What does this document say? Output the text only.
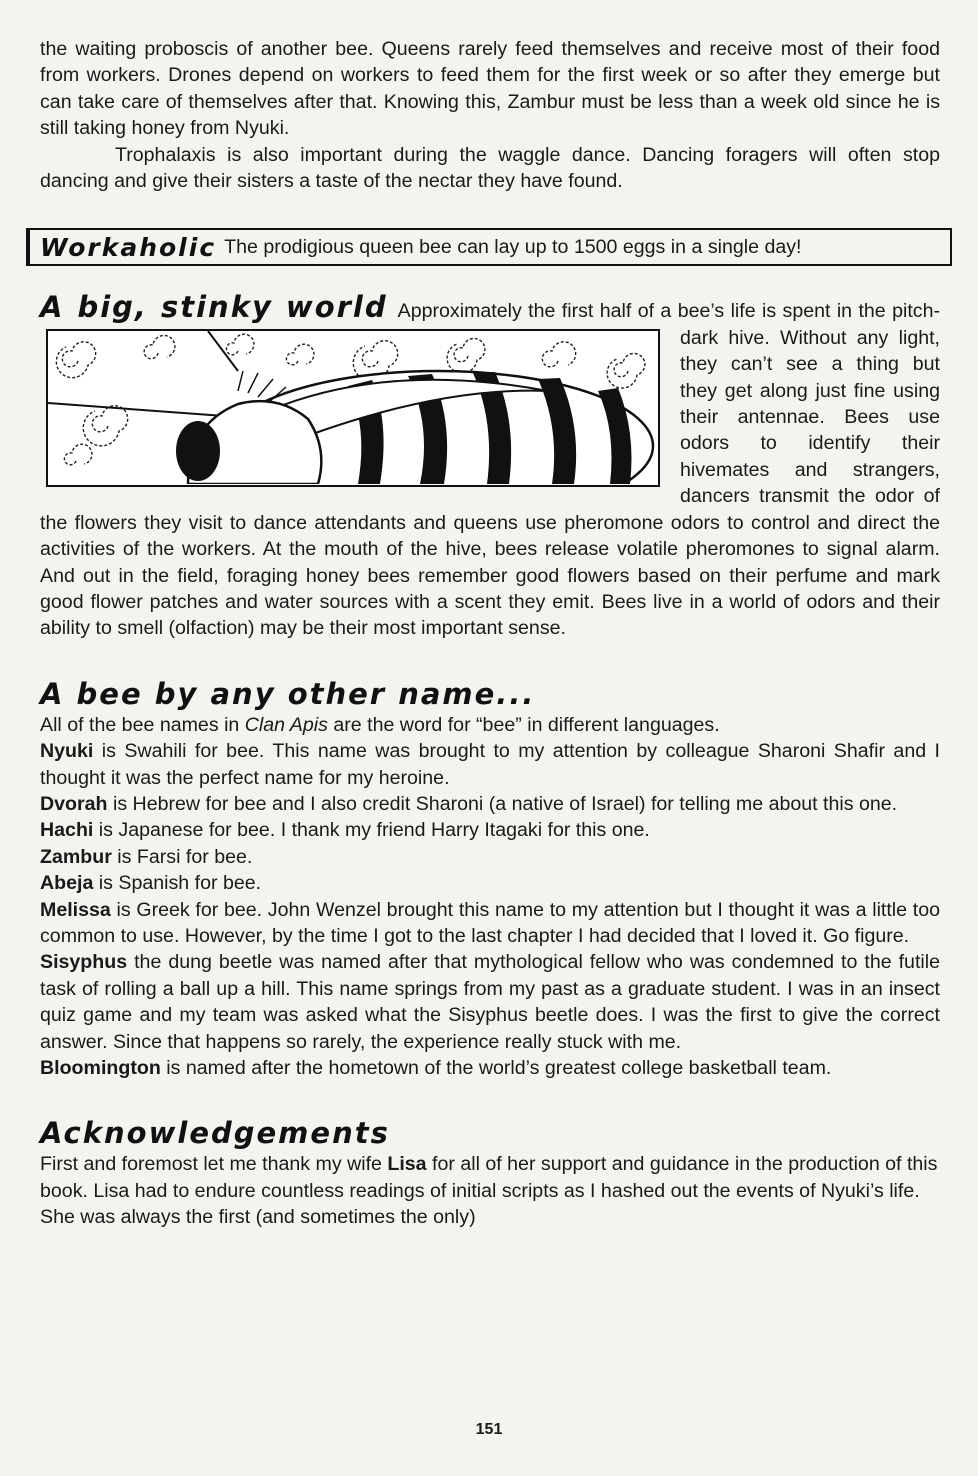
the waiting proboscis of another bee. Queens rarely feed themselves and receive most of their food from workers. Drones depend on workers to feed them for the first week or so after they emerge but can take care of themselves after that. Knowing this, Zambur must be less than a week old since he is still taking honey from Nyuki.

Trophalaxis is also important during the waggle dance. Dancing foragers will often stop dancing and give their sisters a taste of the nectar they have found.

Workaholic The prodigious queen bee can lay up to 1500 eggs in a single day!

A big, stinky world Approximately the first half of a bee’s life is spent in the pitch-dark hive. Without any light, they can’t see a thing but they get along just fine using their antennae. Bees use odors to identify their hivemates and strangers, dancers transmit the odor of the flowers they visit to dance attendants and queens use pheromone odors to control and direct the activities of the workers. At the mouth of the hive, bees release volatile pheromones to signal alarm. And out in the field, foraging honey bees remember good flowers based on their perfume and mark good flower patches and water sources with a scent they emit. Bees live in a world of odors and their ability to smell (olfaction) may be their most important sense.

A bee by any other name...

All of the bee names in Clan Apis are the word for “bee” in different languages.

Nyuki is Swahili for bee. This name was brought to my attention by colleague Sharoni Shafir and I thought it was the perfect name for my heroine.

Dvorah is Hebrew for bee and I also credit Sharoni (a native of Israel) for telling me about this one.

Hachi is Japanese for bee. I thank my friend Harry Itagaki for this one.

Zambur is Farsi for bee.

Abeja is Spanish for bee.

Melissa is Greek for bee. John Wenzel brought this name to my attention but I thought it was a little too common to use. However, by the time I got to the last chapter I had decided that I loved it. Go figure.

Sisyphus the dung beetle was named after that mythological fellow who was condemned to the futile task of rolling a ball up a hill. This name springs from my past as a graduate student. I was in an insect quiz game and my team was asked what the Sisyphus beetle does. I was the first to give the correct answer. Since that happens so rarely, the experience really stuck with me.

Bloomington is named after the hometown of the world’s greatest college basketball team.

Acknowledgements

First and foremost let me thank my wife Lisa for all of her support and guidance in the production of this book. Lisa had to endure countless readings of initial scripts as I hashed out the events of Nyuki’s life. She was always the first (and sometimes the only)

151
